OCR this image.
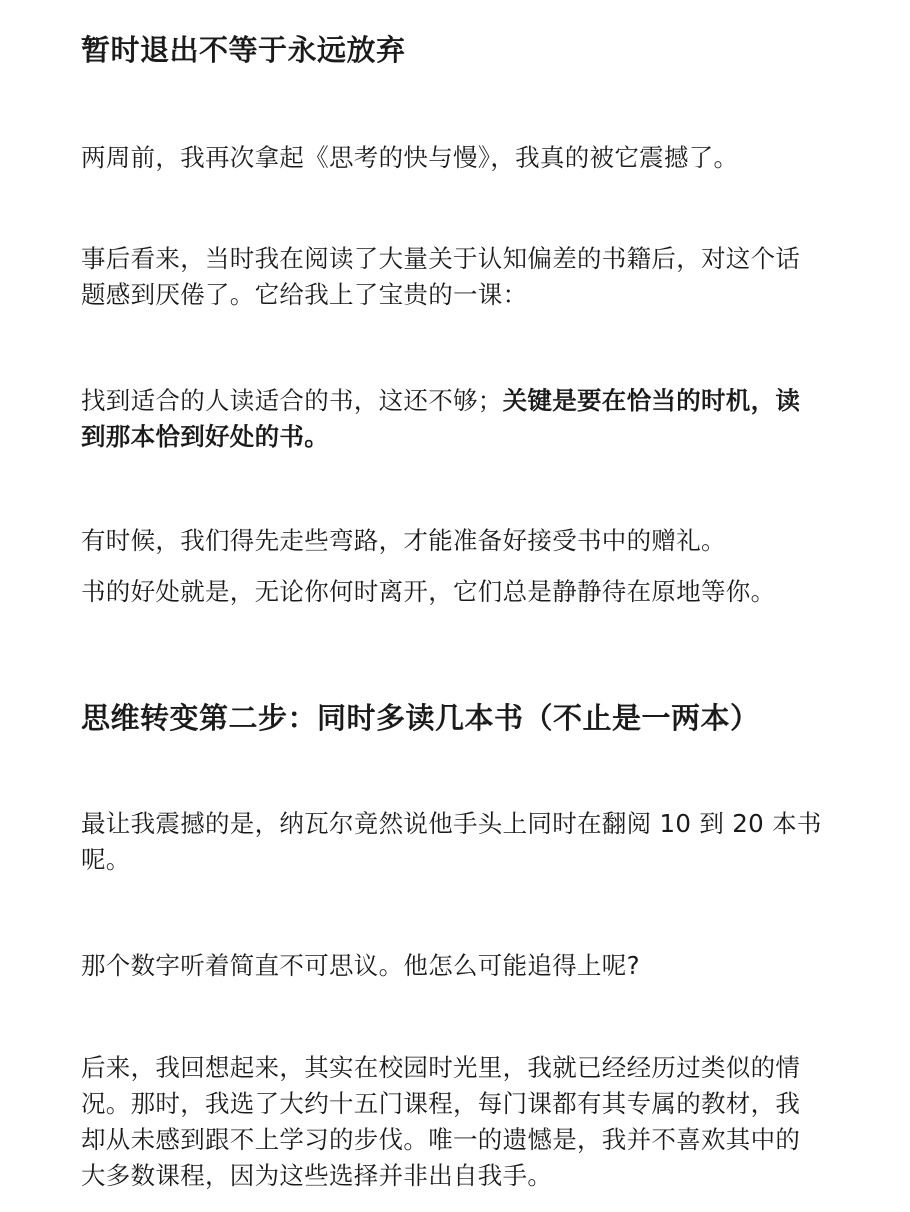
暂时退出不等于永远放弃

两周前，我再次拿起《思考的快与慢》，我真的被它震撼了。

事后看来，当时我在阅读了大量关于认知偏差的书籍后，对这个话
题感到厌倦了。它给我上了宝贵的一课：

找到适合的人读适合的书，这还不够；关键是要在恰当的时机，读
到那本恰到好处的书。

有时候，我们得先走些弯路，才能准备好接受书中的赠礼。

书的好处就是，无论你何时离开，它们总是静静待在原地等你。

思维转变第二步：同时多读几本书（不止是一两本）

最让我震撼的是，纳瓦尔竟然说他手头上同时在翻阅 10 到 20 本书
呢。

那个数字听着简直不可思议。他怎么可能追得上呢?

后来，我回想起来，其实在校园时光里，我就已经经历过类似的情
况。那时，我选了大约十五门课程，每门课都有其专属的教材，我
却从未感到跟不上学习的步伐。唯一的遗憾是，我并不喜欢其中的
大多数课程，因为这些选择并非出自我手。
